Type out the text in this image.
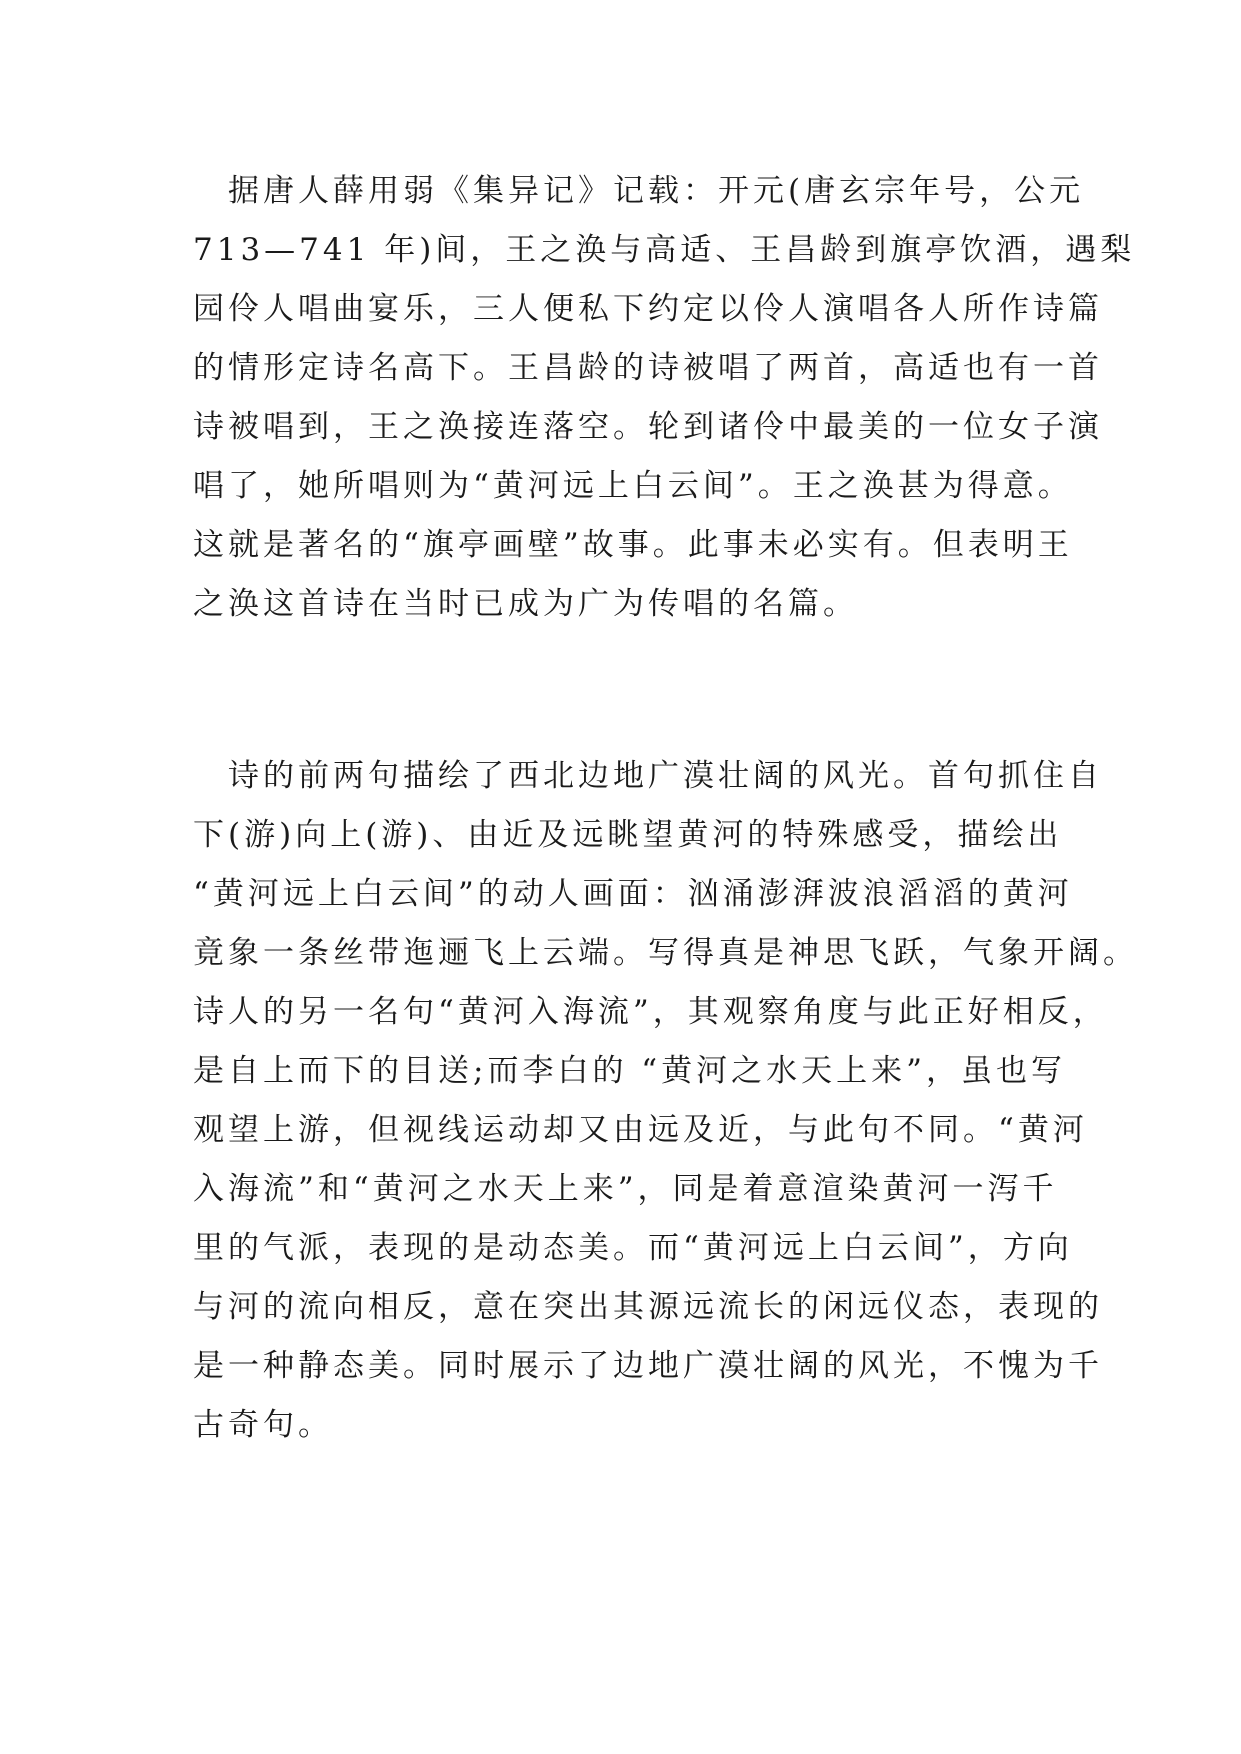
　据唐人薛用弱《集异记》记载：开元(唐玄宗年号，公元
713—741 年)间，王之涣与高适、王昌龄到旗亭饮酒，遇梨
园伶人唱曲宴乐，三人便私下约定以伶人演唱各人所作诗篇
的情形定诗名高下。王昌龄的诗被唱了两首，高适也有一首
诗被唱到，王之涣接连落空。轮到诸伶中最美的一位女子演
唱了，她所唱则为“黄河远上白云间”。王之涣甚为得意。
这就是著名的“旗亭画壁”故事。此事未必实有。但表明王
之涣这首诗在当时已成为广为传唱的名篇。
　诗的前两句描绘了西北边地广漠壮阔的风光。首句抓住自
下(游)向上(游)、由近及远眺望黄河的特殊感受，描绘出
“黄河远上白云间”的动人画面：汹涌澎湃波浪滔滔的黄河
竟象一条丝带迤逦飞上云端。写得真是神思飞跃，气象开阔。
诗人的另一名句“黄河入海流”，其观察角度与此正好相反，
是自上而下的目送;而李白的 “黄河之水天上来”，虽也写
观望上游，但视线运动却又由远及近，与此句不同。“黄河
入海流”和“黄河之水天上来”，同是着意渲染黄河一泻千
里的气派，表现的是动态美。而“黄河远上白云间”，方向
与河的流向相反，意在突出其源远流长的闲远仪态，表现的
是一种静态美。同时展示了边地广漠壮阔的风光，不愧为千
古奇句。
